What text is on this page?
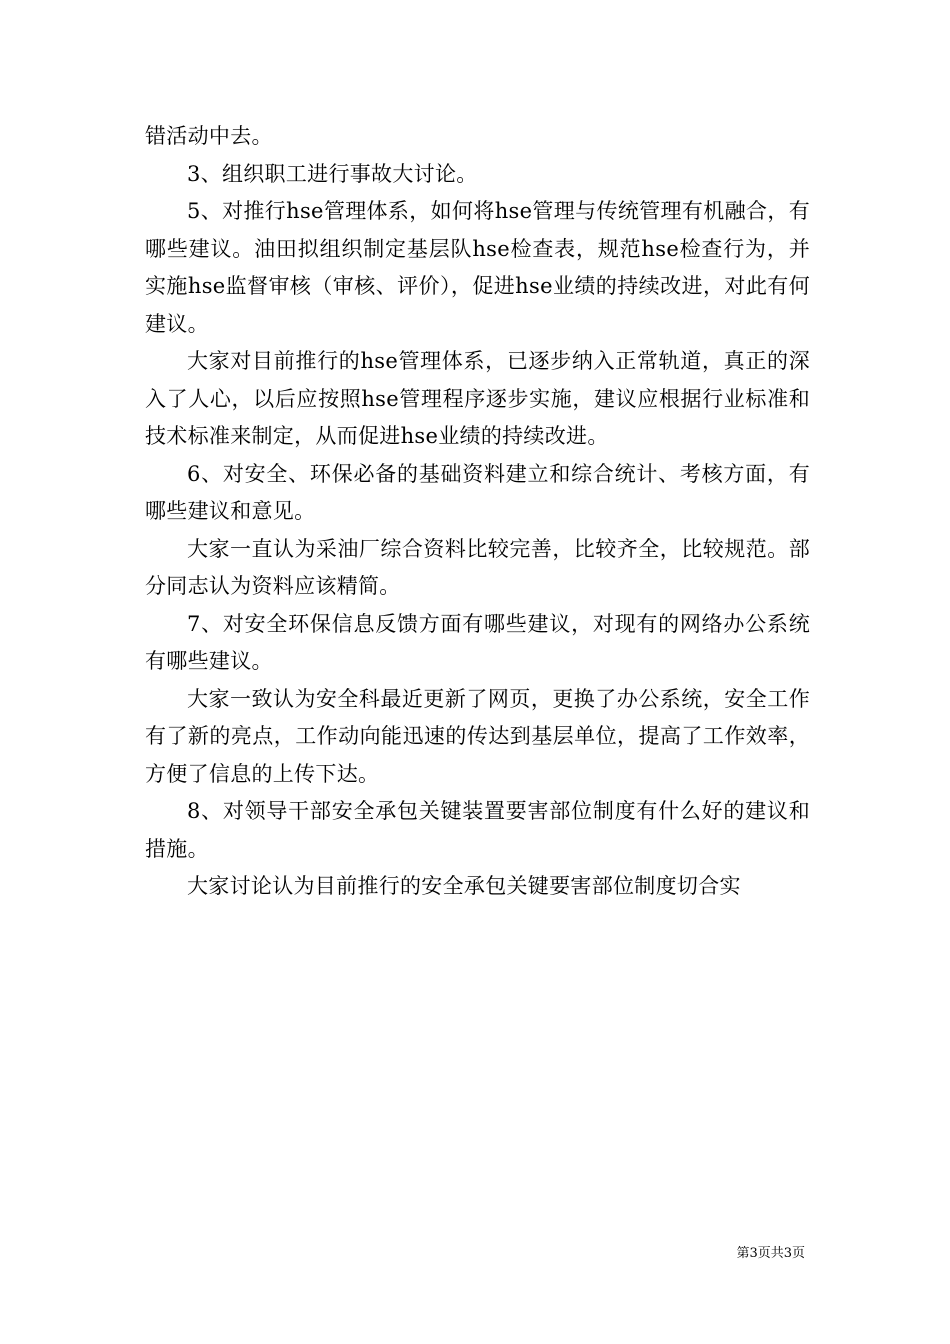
错活动中去。

3、组织职工进行事故大讨论。

5、对推行hse管理体系，如何将hse管理与传统管理有机融合，有哪些建议。油田拟组织制定基层队hse检查表，规范hse检查行为，并实施hse监督审核（审核、评价），促进hse业绩的持续改进，对此有何建议。

大家对目前推行的hse管理体系，已逐步纳入正常轨道，真正的深入了人心，以后应按照hse管理程序逐步实施，建议应根据行业标准和技术标准来制定，从而促进hse业绩的持续改进。

6、对安全、环保必备的基础资料建立和综合统计、考核方面，有哪些建议和意见。

大家一直认为采油厂综合资料比较完善，比较齐全，比较规范。部分同志认为资料应该精简。

7、对安全环保信息反馈方面有哪些建议，对现有的网络办公系统有哪些建议。

大家一致认为安全科最近更新了网页，更换了办公系统，安全工作有了新的亮点，工作动向能迅速的传达到基层单位，提高了工作效率，方便了信息的上传下达。

8、对领导干部安全承包关键装置要害部位制度有什么好的建议和措施。

大家讨论认为目前推行的安全承包关键要害部位制度切合实

第3页共3页
